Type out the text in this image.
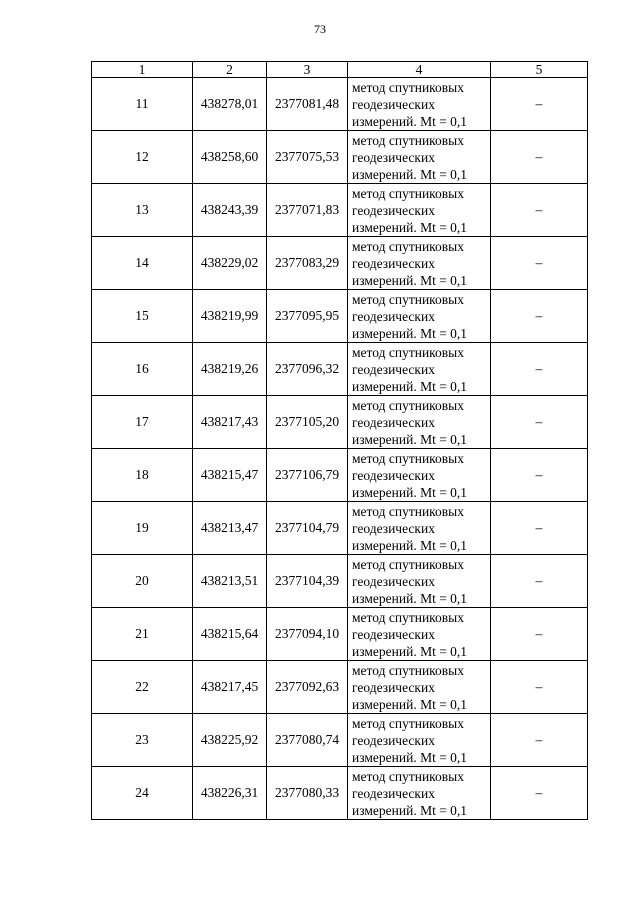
73
1	2	3	4	5
11	438278,01	2377081,48	метод спутниковых
геодезических
измерений. Mt = 0,1	–
12	438258,60	2377075,53	метод спутниковых
геодезических
измерений. Mt = 0,1	–
13	438243,39	2377071,83	метод спутниковых
геодезических
измерений. Mt = 0,1	–
14	438229,02	2377083,29	метод спутниковых
геодезических
измерений. Mt = 0,1	–
15	438219,99	2377095,95	метод спутниковых
геодезических
измерений. Mt = 0,1	–
16	438219,26	2377096,32	метод спутниковых
геодезических
измерений. Mt = 0,1	–
17	438217,43	2377105,20	метод спутниковых
геодезических
измерений. Mt = 0,1	–
18	438215,47	2377106,79	метод спутниковых
геодезических
измерений. Mt = 0,1	–
19	438213,47	2377104,79	метод спутниковых
геодезических
измерений. Mt = 0,1	–
20	438213,51	2377104,39	метод спутниковых
геодезических
измерений. Mt = 0,1	–
21	438215,64	2377094,10	метод спутниковых
геодезических
измерений. Mt = 0,1	–
22	438217,45	2377092,63	метод спутниковых
геодезических
измерений. Mt = 0,1	–
23	438225,92	2377080,74	метод спутниковых
геодезических
измерений. Mt = 0,1	–
24	438226,31	2377080,33	метод спутниковых
геодезических
измерений. Mt = 0,1	–
